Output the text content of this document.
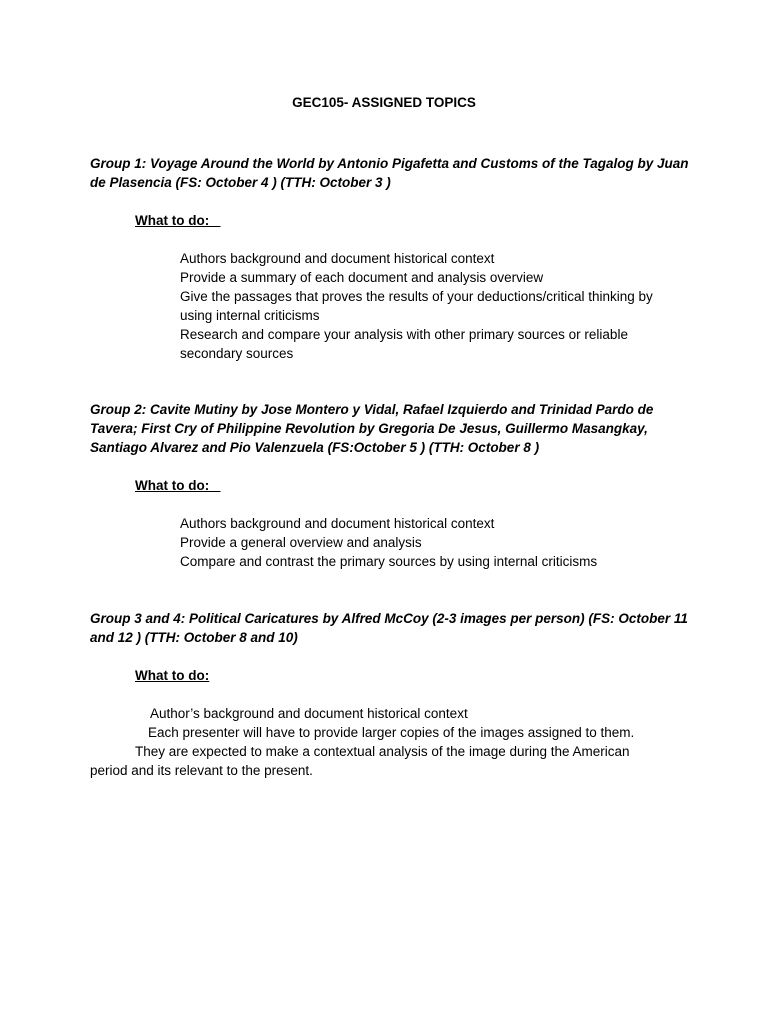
GEC105- ASSIGNED TOPICS
Group 1: Voyage Around the World by Antonio Pigafetta and Customs of the Tagalog by Juan de Plasencia (FS: October 4 ) (TTH: October 3 )
What to do:
Authors background and document historical context
Provide a summary of each document and analysis overview
Give the passages that proves the results of your deductions/critical thinking by using internal criticisms
Research and compare your analysis with other primary sources or reliable secondary sources
Group 2: Cavite Mutiny by Jose Montero y Vidal, Rafael Izquierdo and Trinidad Pardo de Tavera; First Cry of Philippine Revolution by Gregoria De Jesus, Guillermo Masangkay, Santiago Alvarez and Pio Valenzuela (FS:October 5 ) (TTH: October 8 )
What to do:
Authors background and document historical context
Provide a general overview and analysis
Compare and contrast the primary sources by using internal criticisms
Group 3 and 4: Political Caricatures by Alfred McCoy (2-3 images per person) (FS: October 11 and 12 ) (TTH: October 8 and 10)
What to do:
Author’s background and document historical context
Each presenter will have to provide larger copies of the images assigned to them.
They are expected to make a contextual analysis of the image during the American
period and its relevant to the present.
